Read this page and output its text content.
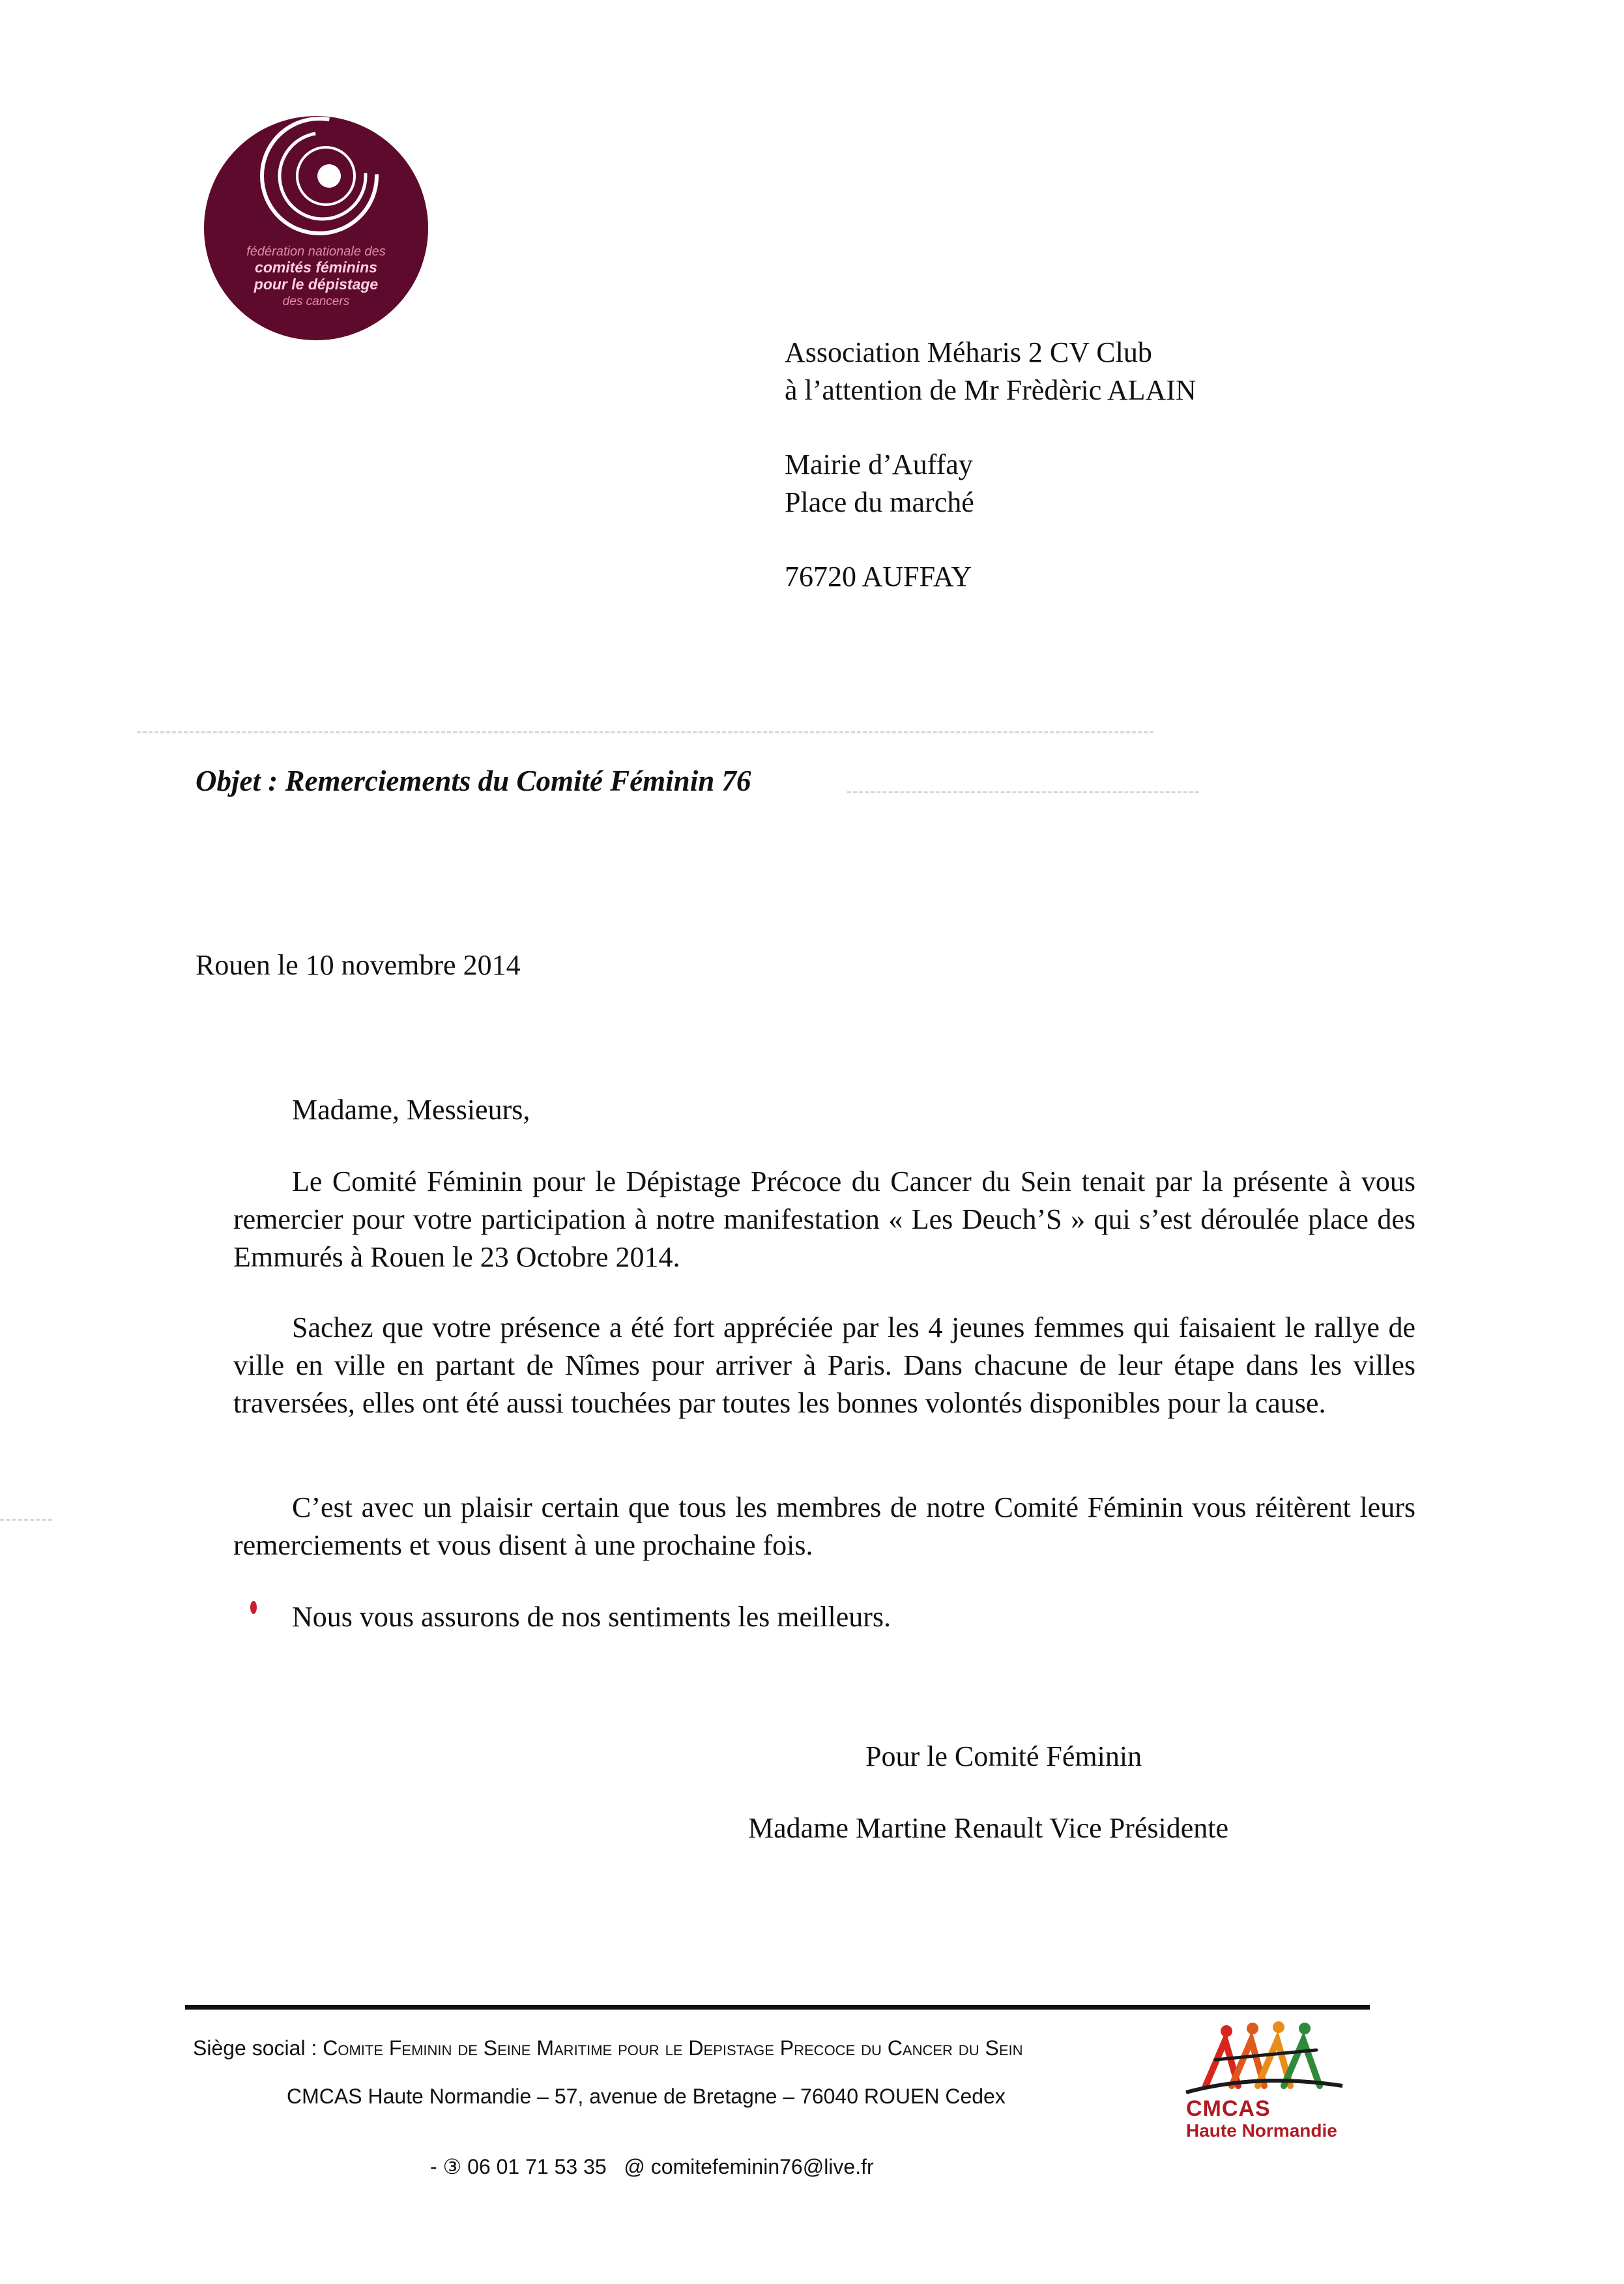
fédération nationale des
comités féminins
pour le dépistage
des cancers
Association Méharis 2 CV Club
à l’attention de Mr Frèdèric ALAIN
Mairie d’Auffay
Place du marché
76720 AUFFAY
Objet : Remerciements du Comité Féminin 76
Rouen le 10 novembre 2014
Madame, Messieurs,
Le Comité Féminin pour le Dépistage Précoce du Cancer du Sein tenait par la présente à vous remercier pour votre participation à notre manifestation « Les Deuch’S » qui s’est déroulée place des Emmurés à Rouen le 23 Octobre 2014.
Sachez que votre présence a été fort appréciée par les 4 jeunes femmes qui faisaient le rallye de ville en ville en partant de Nîmes pour arriver à Paris. Dans chacune de leur étape dans les villes traversées, elles ont été aussi touchées par toutes les bonnes volontés disponibles pour la cause.
C’est avec un plaisir certain que tous les membres de notre Comité Féminin vous réitèrent leurs remerciements et vous disent à une prochaine fois.
Nous vous assurons de nos sentiments les meilleurs.
Pour le Comité Féminin
Madame Martine Renault Vice Présidente
Siège social : Comite Feminin de Seine Maritime pour le Depistage Precoce du Cancer du Sein
CMCAS Haute Normandie – 57, avenue de Bretagne – 76040 ROUEN Cedex
- ③ 06 01 71 53 35 @ comitefeminin76@live.fr
CMCAS
Haute Normandie
